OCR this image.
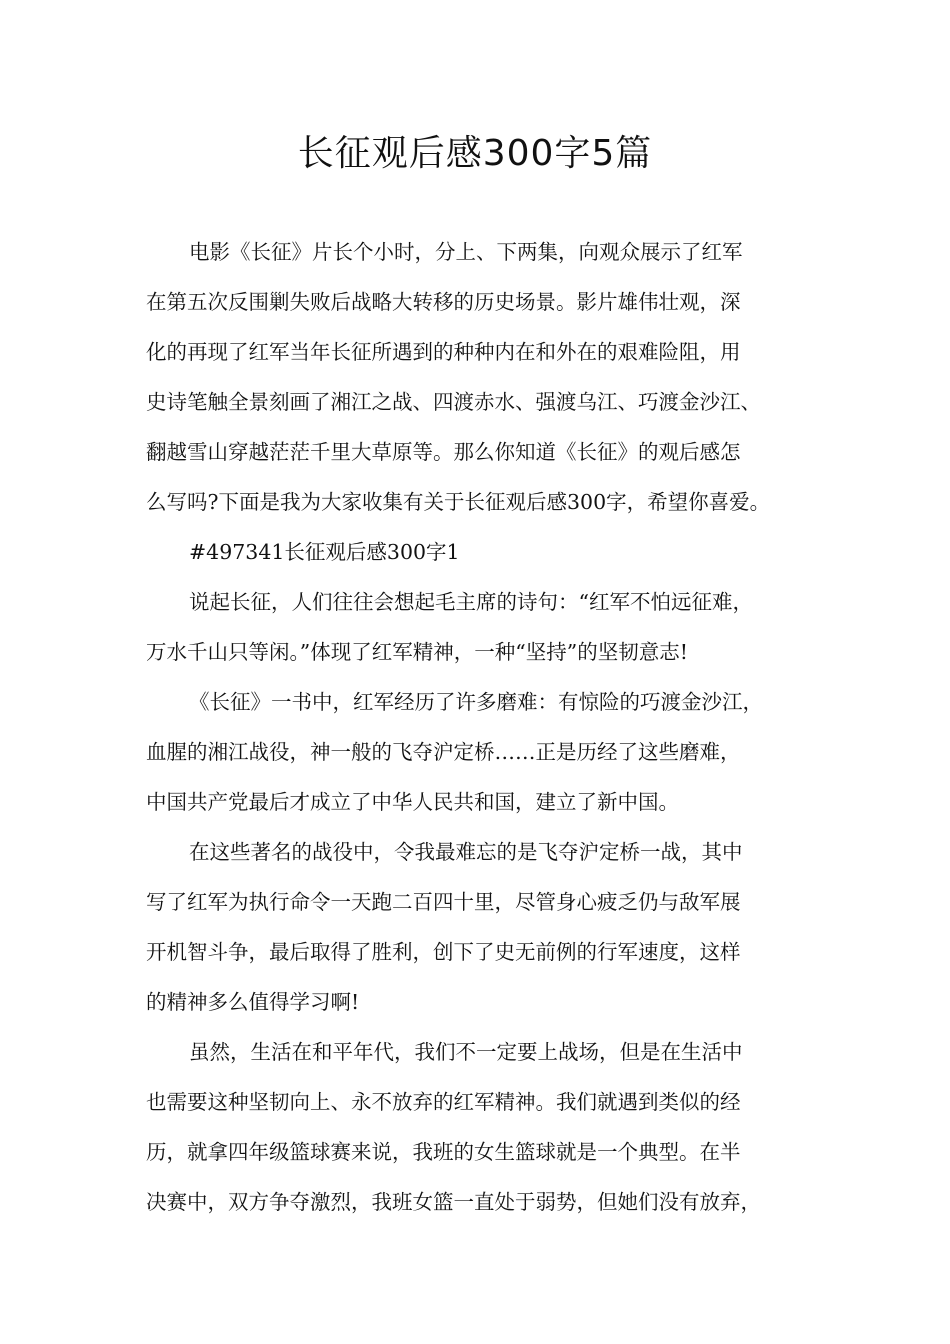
长征观后感300字5篇
电影《长征》片长个小时，分上、下两集，向观众展示了红军
在第五次反围剿失败后战略大转移的历史场景。影片雄伟壮观，深
化的再现了红军当年长征所遇到的种种内在和外在的艰难险阻，用
史诗笔触全景刻画了湘江之战、四渡赤水、强渡乌江、巧渡金沙江、
翻越雪山穿越茫茫千里大草原等。那么你知道《长征》的观后感怎
么写吗?下面是我为大家收集有关于长征观后感300字，希望你喜爱。
#497341长征观后感300字1
说起长征，人们往往会想起毛主席的诗句：“红军不怕远征难，
万水千山只等闲。”体现了红军精神，一种“坚持”的坚韧意志!
《长征》一书中，红军经历了许多磨难：有惊险的巧渡金沙江，
血腥的湘江战役，神一般的飞夺沪定桥……正是历经了这些磨难，
中国共产党最后才成立了中华人民共和国，建立了新中国。
在这些著名的战役中，令我最难忘的是飞夺沪定桥一战，其中
写了红军为执行命令一天跑二百四十里，尽管身心疲乏仍与敌军展
开机智斗争，最后取得了胜利，创下了史无前例的行军速度，这样
的精神多么值得学习啊!
虽然，生活在和平年代，我们不一定要上战场，但是在生活中
也需要这种坚韧向上、永不放弃的红军精神。我们就遇到类似的经
历，就拿四年级篮球赛来说，我班的女生篮球就是一个典型。在半
决赛中，双方争夺激烈，我班女篮一直处于弱势，但她们没有放弃，
